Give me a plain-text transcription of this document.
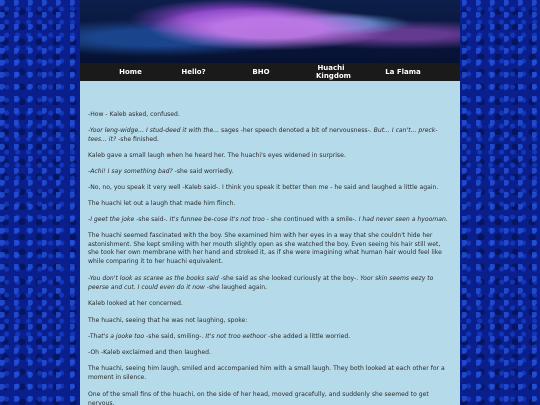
Home	Hello?	BHO	Huachi Kingdom	La Flama

-How - Kaleb asked, confused.

-Yoor leng-widge... I stud-deed it with the... sages -her speech denoted a bit of nervousness-. But... I can't... preck-tees... it? -she finished.

Kaleb gave a small laugh when he heard her. The huachi's eyes widened in surprise.

-Achi! I say something bad? -she said worriedly.

-No, no, you speak it very well -Kaleb said-. I think you speak it better then me - he said and laughed a little again.

The huachi let out a laugh that made him flinch.

-I geet the joke -she said-. It's funnee be-cose it's not troo - she continued with a smile-. I had never seen a hyooman.

The huachi seemed fascinated with the boy. She examined him with her eyes in a way that she couldn't hide her astonishment. She kept smiling with her mouth slightly open as she watched the boy. Even seeing his hair still wet, she took her own membrane with her hand and stroked it, as if she were imagining what human hair would feel like while comparing it to her huachi equivalent.

-You don't look as scaree as the books said -she said as she looked curiously at the boy-. Yoor skin seems eezy to peerse and cut. I could even do it now -she laughed again.

Kaleb looked at her concerned.

The huachi, seeing that he was not laughing, spoke:

-That's a jooke too -she said, smiling-. It's not troo eethoor -she added a little worried.

-Oh -Kaleb exclaimed and then laughed.

The huachi, seeing him laugh, smiled and accompanied him with a small laugh. They both looked at each other for a moment in silence.

One of the small fins of the huachi, on the side of her head, moved gracefully, and suddenly she seemed to get nervous.
